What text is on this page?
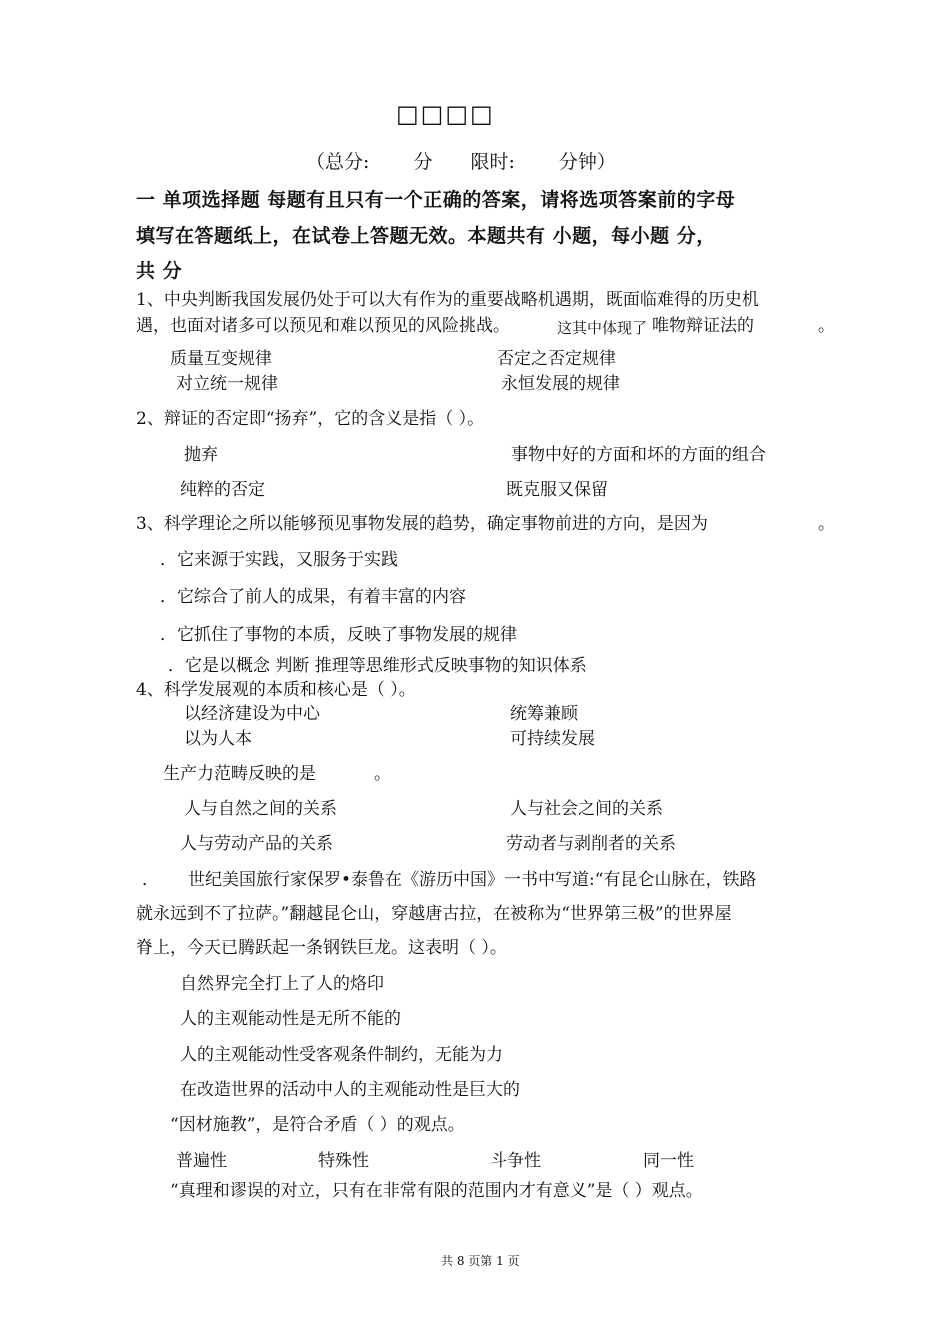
□□□□
（总分:　　 分　　限时:　　 分钟）
一 单项选择题 每题有且只有一个正确的答案，请将选项答案前的字母
填写在答题纸上，在试卷上答题无效。本题共有 小题，每小题 分，
共 分
1、中央判断我国发展仍处于可以大有作为的重要战略机遇期，既面临难得的历史机
遇，也面对诸多可以预见和难以预见的风险挑战。	这其中体现了 唯物辩证法的	。
质量互变规律	否定之否定规律
对立统一规律	永恒发展的规律
2、辩证的否定即“扬弃”，它的含义是指（ ）。
抛弃	事物中好的方面和坏的方面的组合
纯粹的否定	既克服又保留
3、科学理论之所以能够预见事物发展的趋势，确定事物前进的方向，是因为	。
．它来源于实践，又服务于实践
．它综合了前人的成果，有着丰富的内容
．它抓住了事物的本质，反映了事物发展的规律
．它是以概念 判断 推理等思维形式反映事物的知识体系
4、科学发展观的本质和核心是（ ）。
以经济建设为中心	统筹兼顾
以为人本	可持续发展
生产力范畴反映的是	。
人与自然之间的关系	人与社会之间的关系
人与劳动产品的关系	劳动者与剥削者的关系
． 世纪美国旅行家保罗•泰鲁在《游历中国》一书中写道:“有昆仑山脉在，铁路
就永远到不了拉萨。”翻越昆仑山，穿越唐古拉，在被称为“世界第三极”的世界屋
脊上，今天已腾跃起一条钢铁巨龙。这表明（ ）。
自然界完全打上了人的烙印
人的主观能动性是无所不能的
人的主观能动性受客观条件制约，无能为力
在改造世界的活动中人的主观能动性是巨大的
“因材施教”，是符合矛盾（ ）的观点。
普遍性	特殊性	斗争性	同一性
“真理和谬误的对立，只有在非常有限的范围内才有意义”是（ ）观点。
共 8 页第 1 页
